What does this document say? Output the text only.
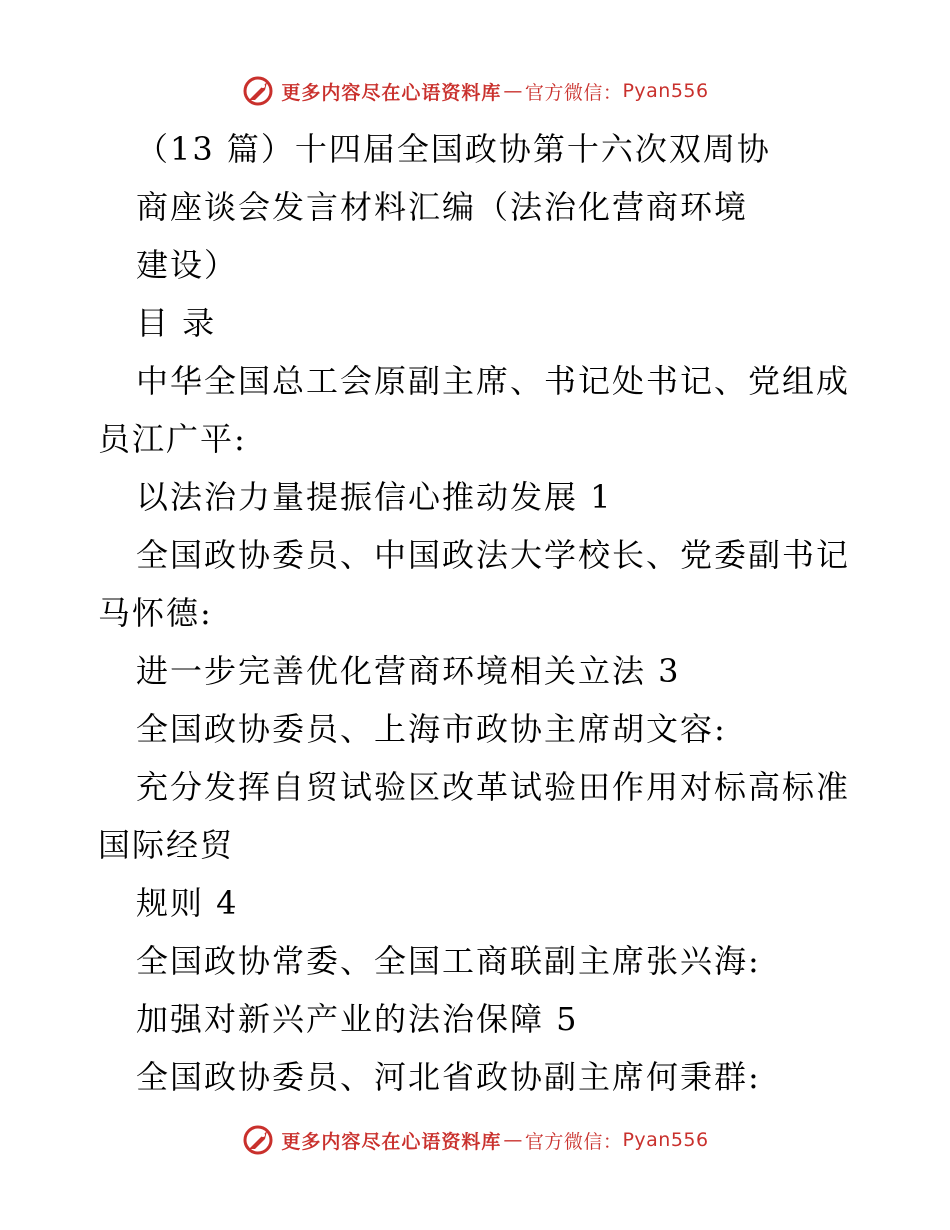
更多内容尽在心语资料库 — 官方微信： Pyan556
（13 篇）十四届全国政协第十六次双周协
商座谈会发言材料汇编（法治化营商环境
建设）
目 录
中华全国总工会原副主席、书记处书记、党组成
员江广平:
以法治力量提振信心推动发展 1
全国政协委员、中国政法大学校长、党委副书记
马怀德:
进一步完善优化营商环境相关立法 3
全国政协委员、上海市政协主席胡文容:
充分发挥自贸试验区改革试验田作用对标高标准
国际经贸
规则 4
全国政协常委、全国工商联副主席张兴海:
加强对新兴产业的法治保障 5
全国政协委员、河北省政协副主席何秉群:
更多内容尽在心语资料库 — 官方微信： Pyan556
